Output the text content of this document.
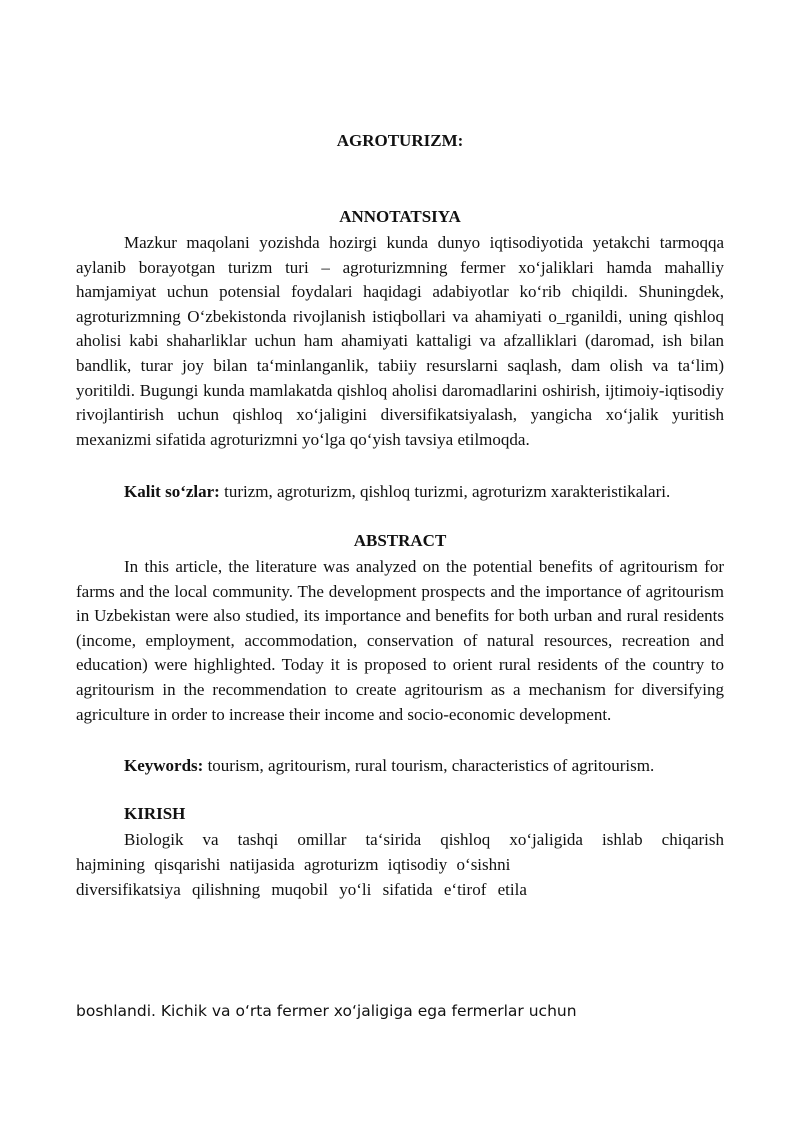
AGROTURIZM:
ANNOTATSIYA

Mazkur maqolani yozishda hozirgi kunda dunyo iqtisodiyotida yetakchi tarmoqqa aylanib borayotgan turizm turi – agroturizmning fermer xo‘jaliklari hamda mahalliy hamjamiyat uchun potensial foydalari haqidagi adabiyotlar ko‘rib chiqildi. Shuningdek, agroturizmning O‘zbekistonda rivojlanish istiqbollari va ahamiyati o_rganildi, uning qishloq aholisi kabi shaharliklar uchun ham ahamiyati kattaligi va afzalliklari (daromad, ish bilan bandlik, turar joy bilan ta‘minlanganlik, tabiiy resurslarni saqlash, dam olish va ta‘lim) yoritildi. Bugungi kunda mamlakatda qishloq aholisi daromadlarini oshirish, ijtimoiy-iqtisodiy rivojlantirish uchun qishloq xo‘jaligini diversifikatsiyalash, yangicha xo‘jalik yuritish mexanizmi sifatida agroturizmni yo‘lga qo‘yish tavsiya etilmoqda.

Kalit so‘zlar: turizm, agroturizm, qishloq turizmi, agroturizm xarakteristikalari.
ABSTRACT

In this article, the literature was analyzed on the potential benefits of agritourism for farms and the local community. The development prospects and the importance of agritourism in Uzbekistan were also studied, its importance and benefits for both urban and rural residents (income, employment, accommodation, conservation of natural resources, recreation and education) were highlighted. Today it is proposed to orient rural residents of the country to agritourism in the recommendation to create agritourism as a mechanism for diversifying agriculture in order to increase their income and socio-economic development.

Keywords: tourism, agritourism, rural tourism, characteristics of agritourism.
KIRISH
Biologik va tashqi omillar ta‘sirida qishloq xo‘jaligida ishlab chiqarish
hajmining qisqarishi natijasida agroturizm iqtisodiy o‘sishni
diversifikatsiya qilishning muqobil yo‘li sifatida e‘tirof etila
boshlandi. Kichik va o‘rta fermer xo‘jaligiga ega fermerlar uchun
